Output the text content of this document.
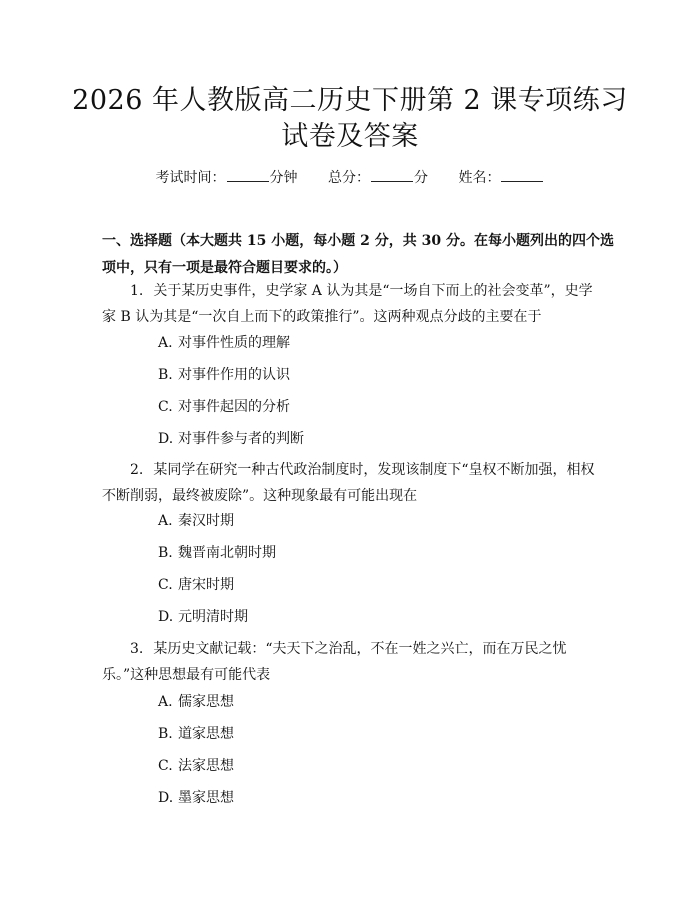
2026 年人教版高二历史下册第 2 课专项练习
试卷及答案
考试时间：	分钟 总分：	分 姓名：
一、选择题（本大题共 15 小题，每小题 2 分，共 30 分。在每小题列出的四个选项中，只有一项是最符合题目要求的。）
1. 关于某历史事件，史学家 A 认为其是“一场自下而上的社会变革”，史学家 B 认为其是“一次自上而下的政策推行”。这两种观点分歧的主要在于
A. 对事件性质的理解
B. 对事件作用的认识
C. 对事件起因的分析
D. 对事件参与者的判断
2. 某同学在研究一种古代政治制度时，发现该制度下“皇权不断加强，相权不断削弱，最终被废除”。这种现象最有可能出现在
A. 秦汉时期
B. 魏晋南北朝时期
C. 唐宋时期
D. 元明清时期
3. 某历史文献记载：“夫天下之治乱，不在一姓之兴亡，而在万民之忧乐。”这种思想最有可能代表
A. 儒家思想
B. 道家思想
C. 法家思想
D. 墨家思想
